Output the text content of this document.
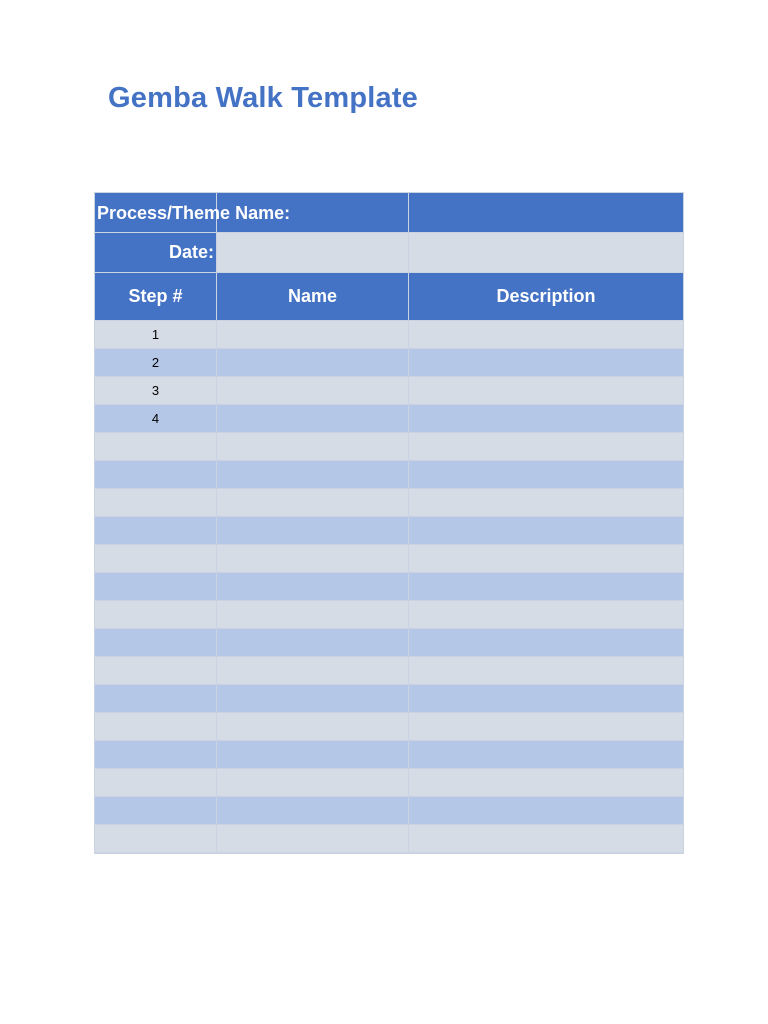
Gemba Walk Template
Process/Theme Name:
Date:
Step #	Name	Description
1
2
3
4
